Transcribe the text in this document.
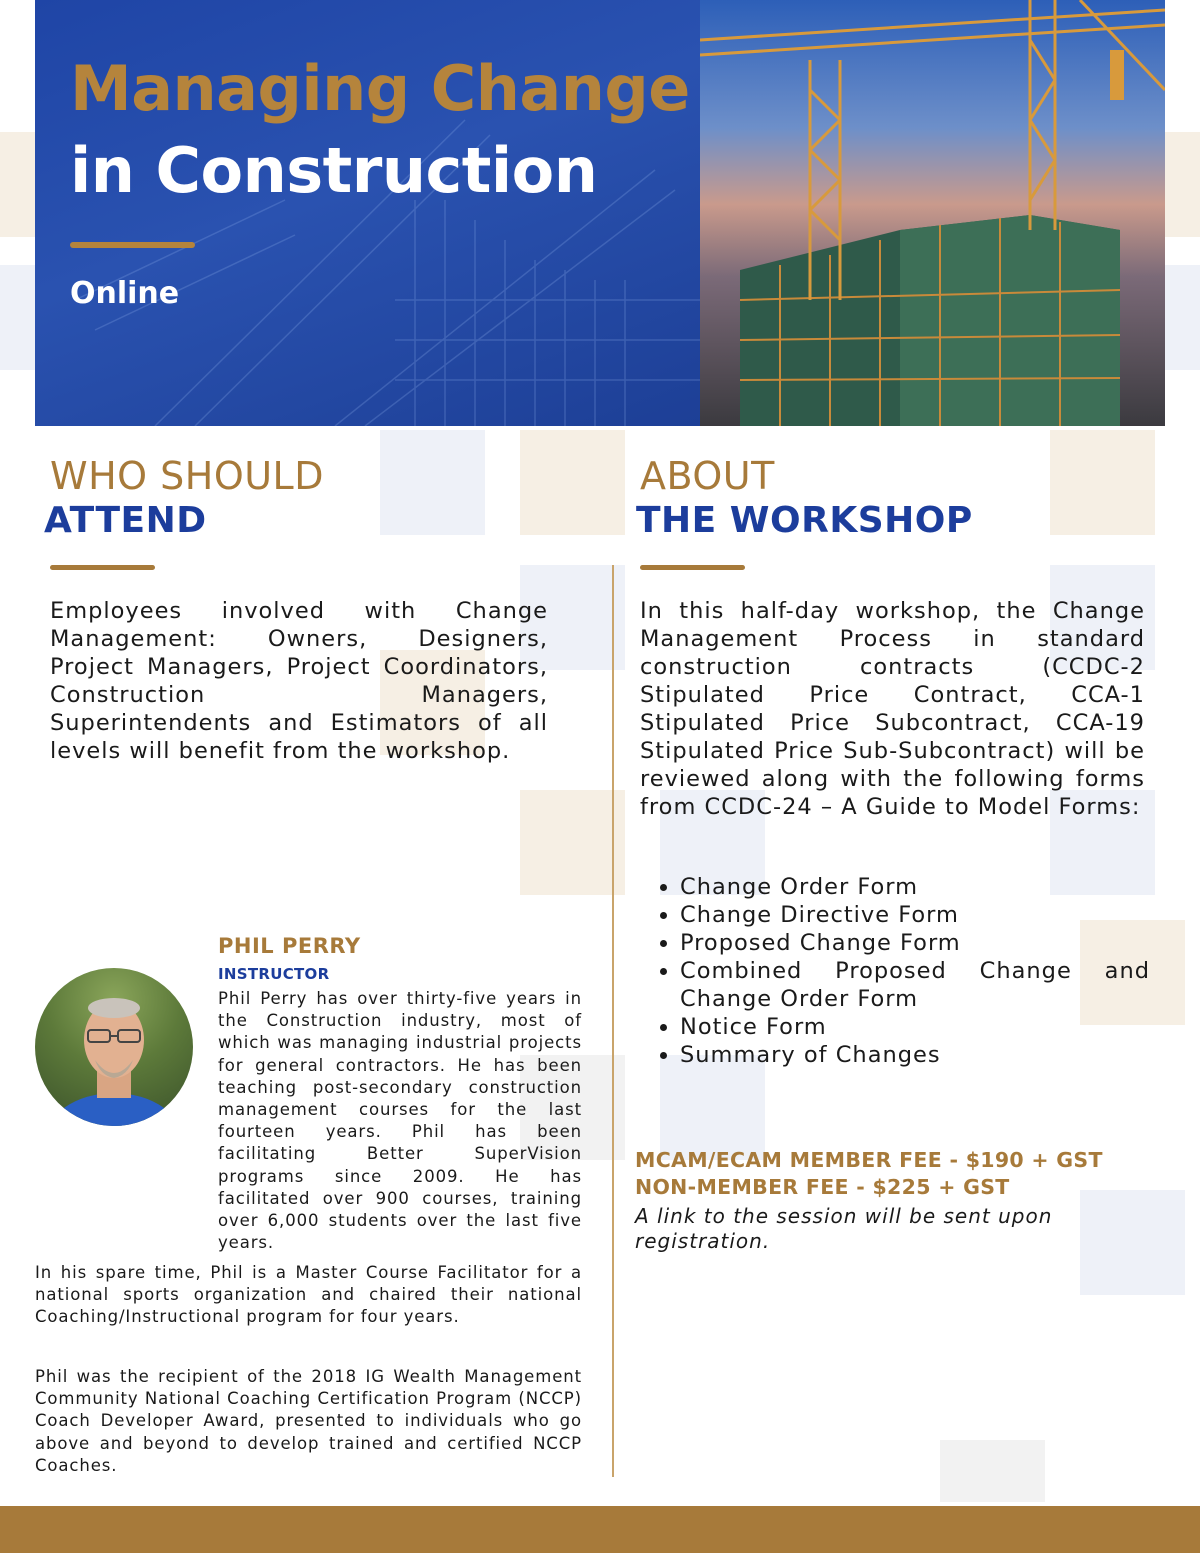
Managing Change
in Construction

Online

WHO SHOULD
ATTEND

Employees involved with Change Management: Owners, Designers, Project Managers, Project Coordinators, Construction Managers, Superintendents and Estimators of all levels will benefit from the workshop.

ABOUT
THE WORKSHOP

In this half-day workshop, the Change Management Process in standard construction contracts (CCDC-2 Stipulated Price Contract, CCA-1 Stipulated Price Subcontract, CCA-19 Stipulated Price Sub-Subcontract) will be reviewed along with the following forms from CCDC-24 – A Guide to Model Forms:

• Change Order Form
• Change Directive Form
• Proposed Change Form
• Combined Proposed Change and Change Order Form
• Notice Form
• Summary of Changes
PHIL PERRY

INSTRUCTOR

Phil Perry has over thirty-five years in the Construction industry, most of which was managing industrial projects for general contractors. He has been teaching post-secondary construction management courses for the last fourteen years. Phil has been facilitating Better SuperVision programs since 2009. He has facilitated over 900 courses, training over 6,000 students over the last five years.

In his spare time, Phil is a Master Course Facilitator for a national sports organization and chaired their national Coaching/Instructional program for four years.

Phil was the recipient of the 2018 IG Wealth Management Community National Coaching Certification Program (NCCP) Coach Developer Award, presented to individuals who go above and beyond to develop trained and certified NCCP Coaches.

MCAM/ECAM MEMBER FEE - $190 + GST

NON-MEMBER FEE - $225 + GST

A link to the session will be sent upon registration.
